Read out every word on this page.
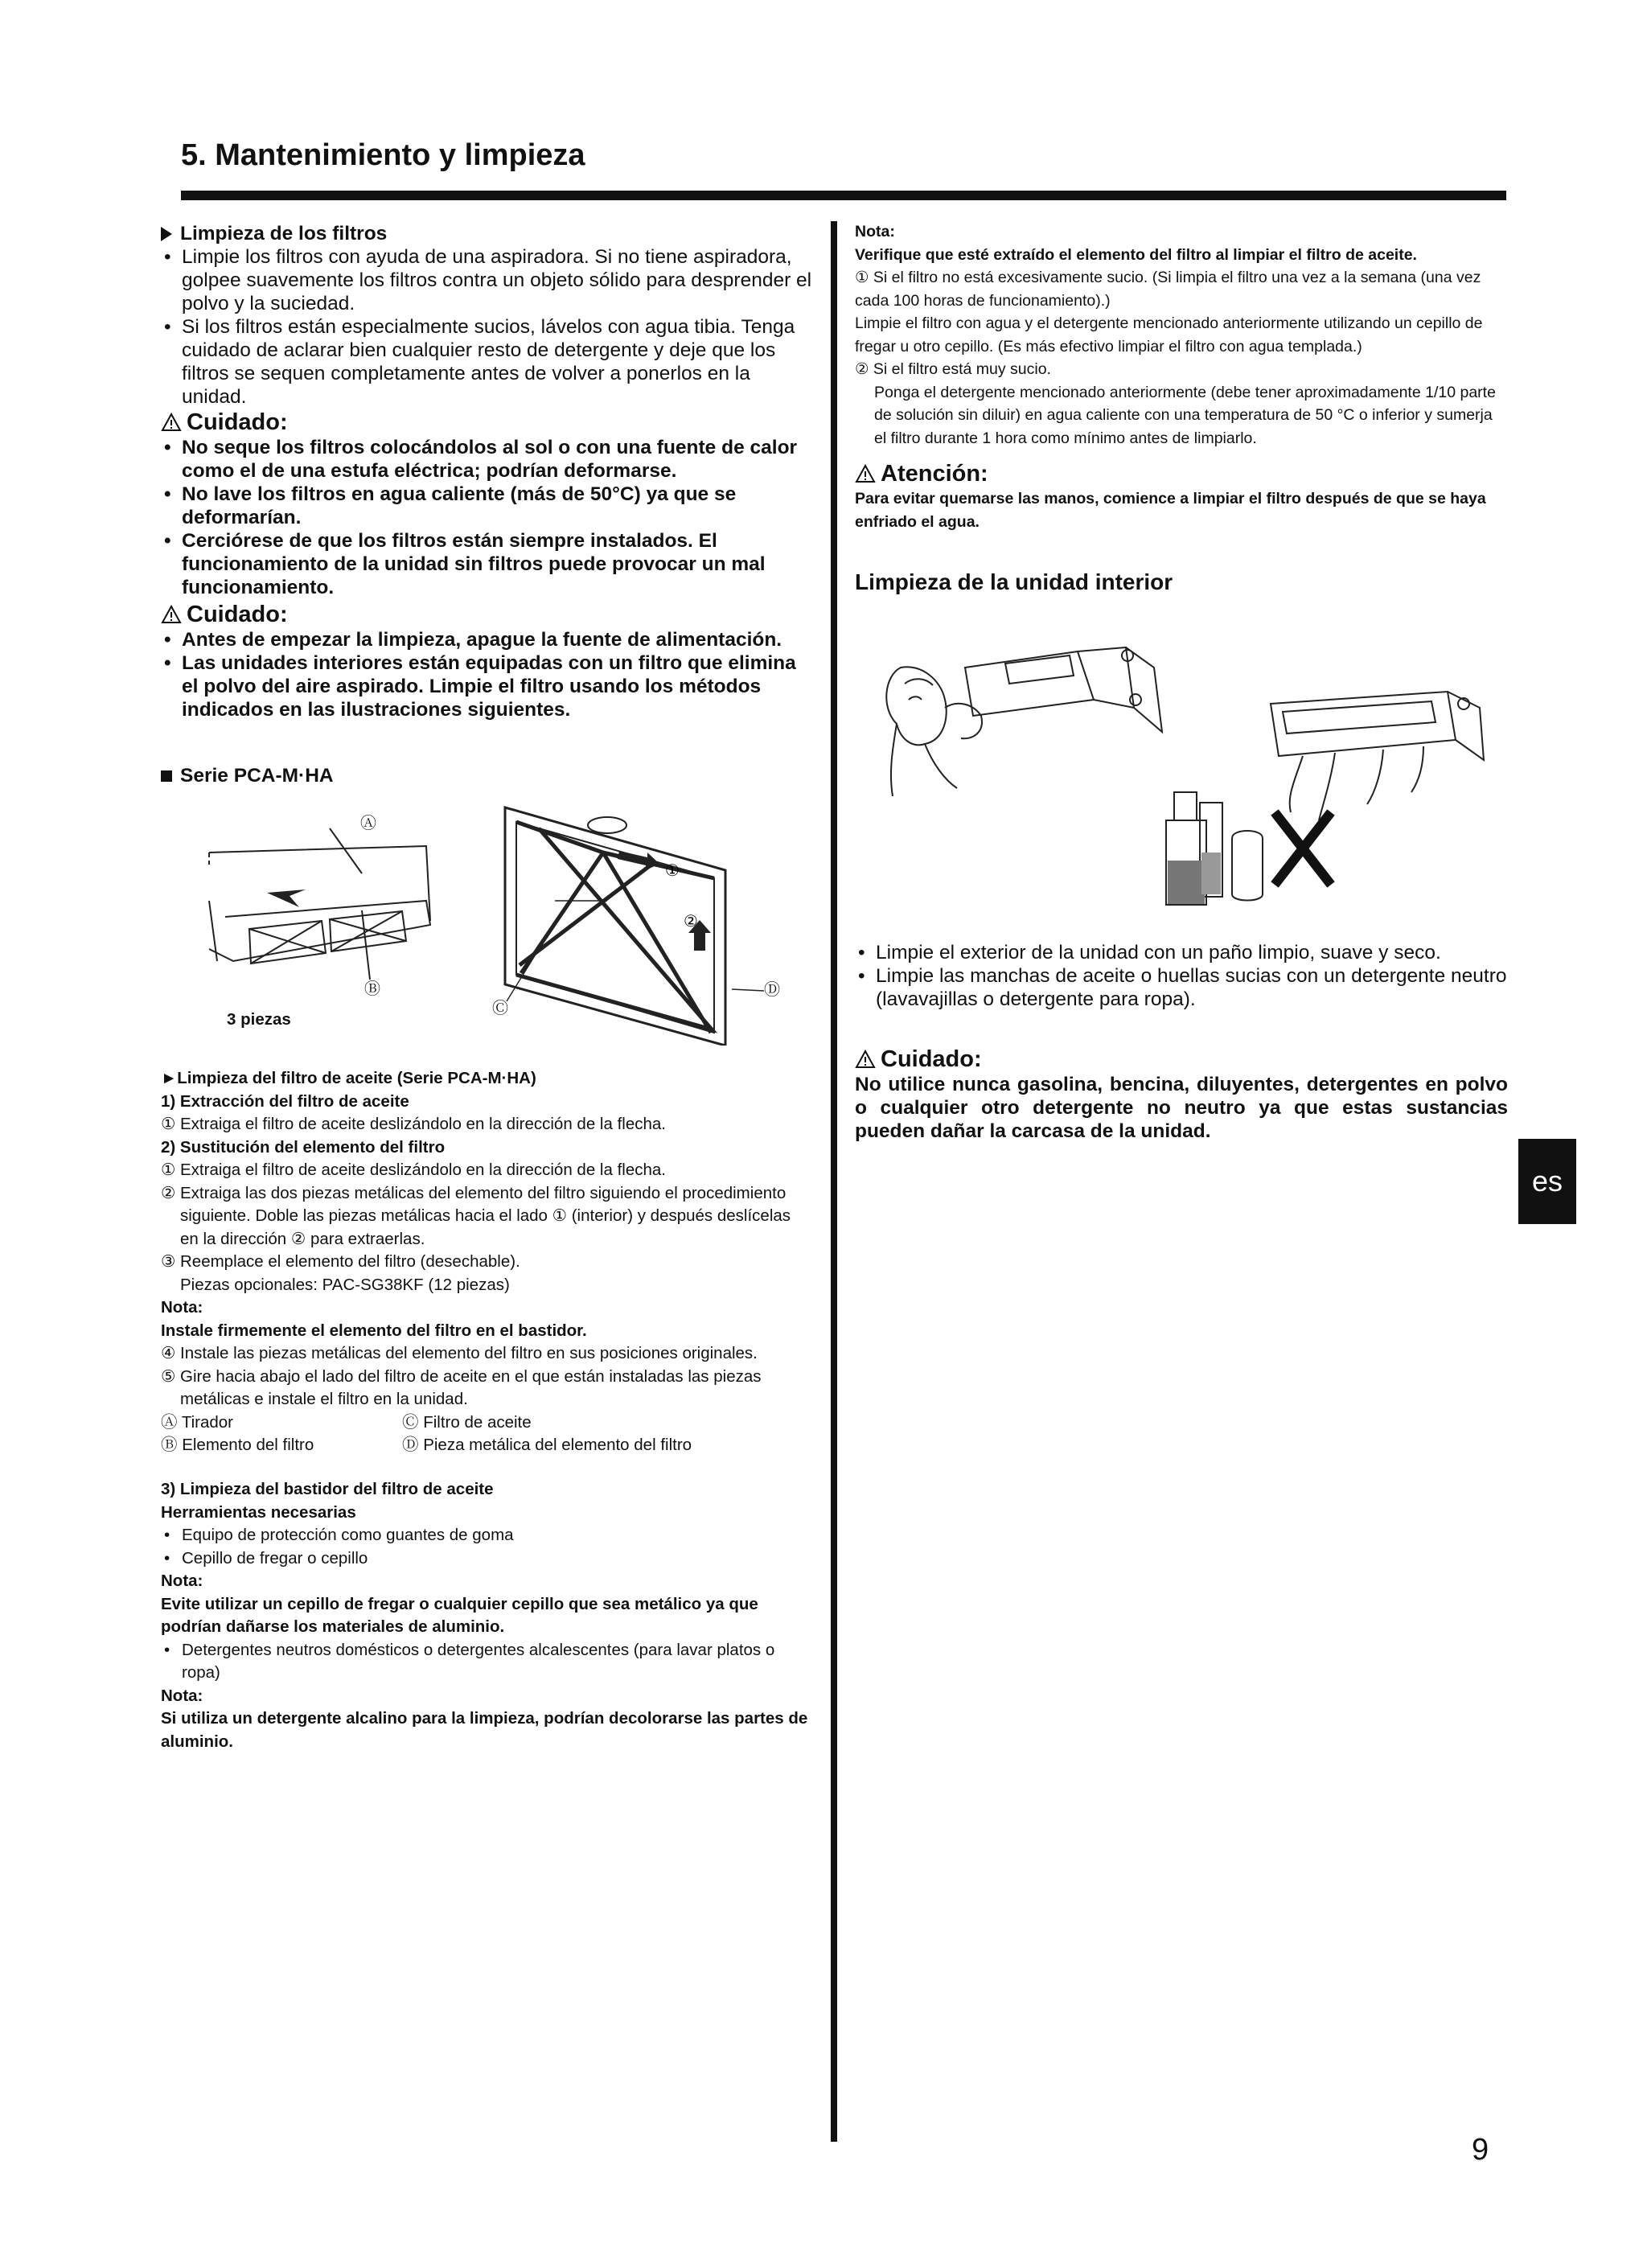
5. Mantenimiento y limpieza
Limpieza de los filtros
• Limpie los filtros con ayuda de una aspiradora. Si no tiene aspiradora, golpee suavemente los filtros contra un objeto sólido para desprender el polvo y la suciedad.
• Si los filtros están especialmente sucios, lávelos con agua tibia. Tenga cuidado de aclarar bien cualquier resto de detergente y deje que los filtros se sequen completamente antes de volver a ponerlos en la unidad.
Cuidado:
• No seque los filtros colocándolos al sol o con una fuente de calor como el de una estufa eléctrica; podrían deformarse.
• No lave los filtros en agua caliente (más de 50°C) ya que se deformarían.
• Cerciórese de que los filtros están siempre instalados. El funcionamiento de la unidad sin filtros puede provocar un mal funcionamiento.
Cuidado:
• Antes de empezar la limpieza, apague la fuente de alimentación.
• Las unidades interiores están equipadas con un filtro que elimina el polvo del aire aspirado. Limpie el filtro usando los métodos indicados en las ilustraciones siguientes.
Serie PCA-M·HA
Ⓐ
Ⓑ
①
②
Ⓒ
Ⓓ
3 piezas
►Limpieza del filtro de aceite (Serie PCA-M·HA)
1) Extracción del filtro de aceite
① Extraiga el filtro de aceite deslizándolo en la dirección de la flecha.
2) Sustitución del elemento del filtro
① Extraiga el filtro de aceite deslizándolo en la dirección de la flecha.
② Extraiga las dos piezas metálicas del elemento del filtro siguiendo el procedimiento siguiente. Doble las piezas metálicas hacia el lado ① (interior) y después deslícelas en la dirección ② para extraerlas.
③ Reemplace el elemento del filtro (desechable).
Piezas opcionales: PAC-SG38KF (12 piezas)
Nota:
Instale firmemente el elemento del filtro en el bastidor.
④ Instale las piezas metálicas del elemento del filtro en sus posiciones originales.
⑤ Gire hacia abajo el lado del filtro de aceite en el que están instaladas las piezas metálicas e instale el filtro en la unidad.
Ⓐ Tirador	Ⓒ Filtro de aceite
Ⓑ Elemento del filtro	Ⓓ Pieza metálica del elemento del filtro
3) Limpieza del bastidor del filtro de aceite
Herramientas necesarias
• Equipo de protección como guantes de goma
• Cepillo de fregar o cepillo
Nota:
Evite utilizar un cepillo de fregar o cualquier cepillo que sea metálico ya que podrían dañarse los materiales de aluminio.
• Detergentes neutros domésticos o detergentes alcalescentes (para lavar platos o ropa)
Nota:
Si utiliza un detergente alcalino para la limpieza, podrían decolorarse las partes de aluminio.
Nota:
Verifique que esté extraído el elemento del filtro al limpiar el filtro de aceite.
① Si el filtro no está excesivamente sucio. (Si limpia el filtro una vez a la semana (una vez cada 100 horas de funcionamiento).)
Limpie el filtro con agua y el detergente mencionado anteriormente utilizando un cepillo de fregar u otro cepillo. (Es más efectivo limpiar el filtro con agua templada.)
② Si el filtro está muy sucio.
Ponga el detergente mencionado anteriormente (debe tener aproximadamente 1/10 parte de solución sin diluir) en agua caliente con una temperatura de 50 °C o inferior y sumerja el filtro durante 1 hora como mínimo antes de limpiarlo.
Atención:
Para evitar quemarse las manos, comience a limpiar el filtro después de que se haya enfriado el agua.
Limpieza de la unidad interior
• Limpie el exterior de la unidad con un paño limpio, suave y seco.
• Limpie las manchas de aceite o huellas sucias con un detergente neutro (lavavajillas o detergente para ropa).
Cuidado:
No utilice nunca gasolina, bencina, diluyentes, detergentes en polvo o cualquier otro detergente no neutro ya que estas sustancias pueden dañar la carcasa de la unidad.
es
9
